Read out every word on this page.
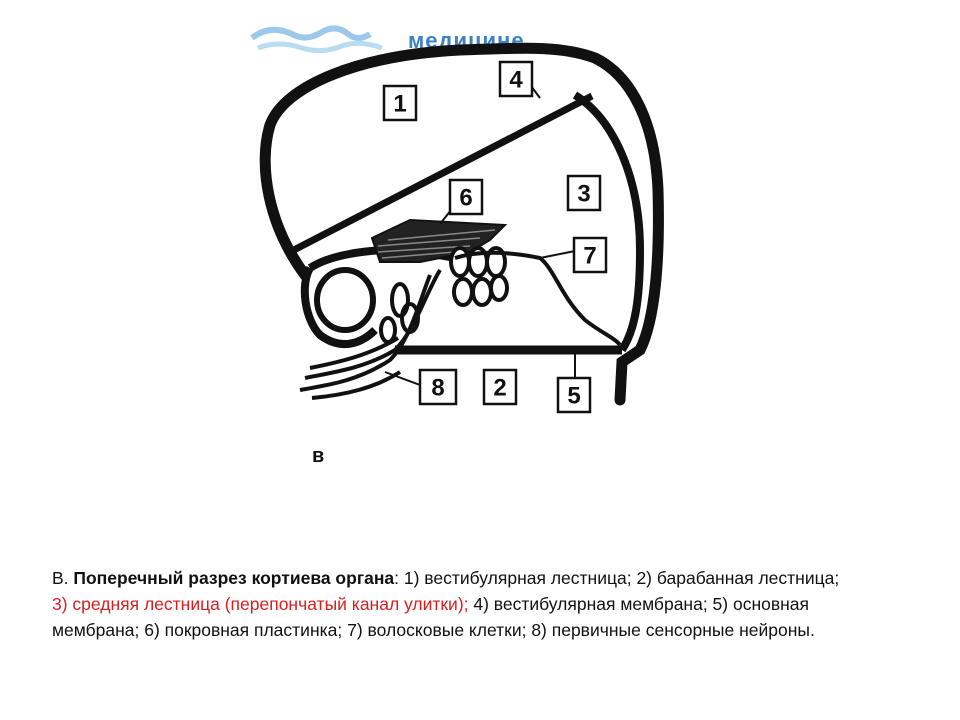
медицине.
1
2
3
4
5
6
7
8
в
В. Поперечный разрез кортиева органа: 1) вестибулярная лестница; 2) барабанная лестница; 3) средняя лестница (перепончатый канал улитки); 4) вестибулярная мембрана; 5) основная мембрана; 6) покровная пластинка; 7) волосковые клетки; 8) первичные сенсорные нейроны.
